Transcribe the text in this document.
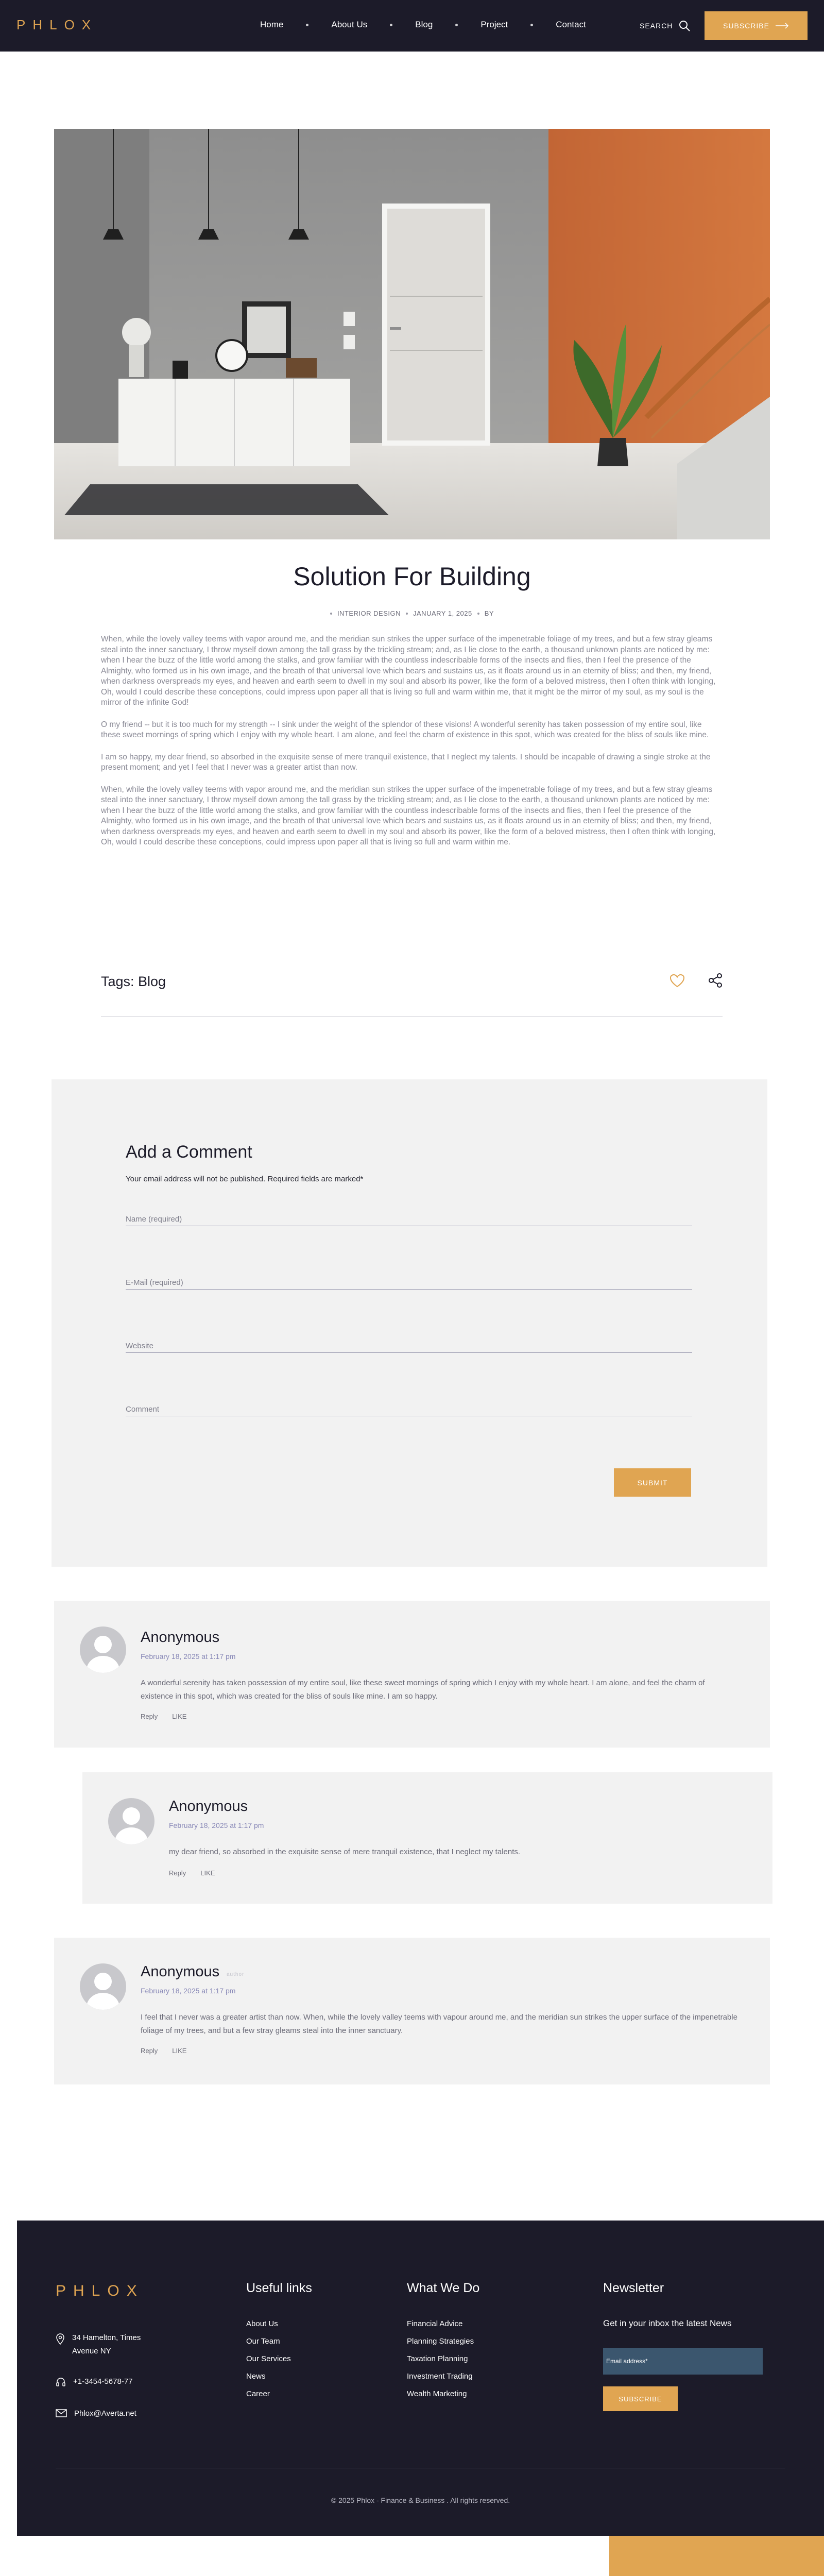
PHLOX	Home	About Us	Blog	Project	Contact	SEARCH	SUBSCRIBE
Solution For Building
INTERIOR DESIGN JANUARY 1, 2025 BY

When, while the lovely valley teems with vapor around me, and the meridian sun strikes the upper surface of the impenetrable foliage of my trees, and but a few stray gleams steal into the inner sanctuary, I throw myself down among the tall grass by the trickling stream; and, as I lie close to the earth, a thousand unknown plants are noticed by me: when I hear the buzz of the little world among the stalks, and grow familiar with the countless indescribable forms of the insects and flies, then I feel the presence of the Almighty, who formed us in his own image, and the breath of that universal love which bears and sustains us, as it floats around us in an eternity of bliss; and then, my friend, when darkness overspreads my eyes, and heaven and earth seem to dwell in my soul and absorb its power, like the form of a beloved mistress, then I often think with longing, Oh, would I could describe these conceptions, could impress upon paper all that is living so full and warm within me, that it might be the mirror of my soul, as my soul is the mirror of the infinite God!

O my friend -- but it is too much for my strength -- I sink under the weight of the splendor of these visions! A wonderful serenity has taken possession of my entire soul, like these sweet mornings of spring which I enjoy with my whole heart. I am alone, and feel the charm of existence in this spot, which was created for the bliss of souls like mine.

I am so happy, my dear friend, so absorbed in the exquisite sense of mere tranquil existence, that I neglect my talents. I should be incapable of drawing a single stroke at the present moment; and yet I feel that I never was a greater artist than now.

When, while the lovely valley teems with vapor around me, and the meridian sun strikes the upper surface of the impenetrable foliage of my trees, and but a few stray gleams steal into the inner sanctuary, I throw myself down among the tall grass by the trickling stream; and, as I lie close to the earth, a thousand unknown plants are noticed by me: when I hear the buzz of the little world among the stalks, and grow familiar with the countless indescribable forms of the insects and flies, then I feel the presence of the Almighty, who formed us in his own image, and the breath of that universal love which bears and sustains us, as it floats around us in an eternity of bliss; and then, my friend, when darkness overspreads my eyes, and heaven and earth seem to dwell in my soul and absorb its power, like the form of a beloved mistress, then I often think with longing, Oh, would I could describe these conceptions, could impress upon paper all that is living so full and warm within me.

Tags: Blog
Add a Comment
Your email address will not be published. Required fields are marked*
Name (required)
E-Mail (required)
Website
Comment
SUBMIT
Anonymous
February 18, 2025 at 1:17 pm
A wonderful serenity has taken possession of my entire soul, like these sweet mornings of spring which I enjoy with my whole heart. I am alone, and feel the charm of existence in this spot, which was created for the bliss of souls like mine. I am so happy.
Reply LIKE
Anonymous
February 18, 2025 at 1:17 pm
my dear friend, so absorbed in the exquisite sense of mere tranquil existence, that I neglect my talents.
Reply LIKE
Anonymous author
February 18, 2025 at 1:17 pm
I feel that I never was a greater artist than now. When, while the lovely valley teems with vapour around me, and the meridian sun strikes the upper surface of the impenetrable foliage of my trees, and but a few stray gleams steal into the inner sanctuary.
Reply LIKE
PHLOX
34 Hamelton, Times Avenue NY
+1-3454-5678-77
Phlox@Averta.net
Useful links
About Us
Our Team
Our Services
News
Career
What We Do
Financial Advice
Planning Strategies
Taxation Planning
Investment Trading
Wealth Marketing
Newsletter
Get in your inbox the latest News
Email address*
SUBSCRIBE
© 2025 Phlox - Finance & Business . All rights reserved.
